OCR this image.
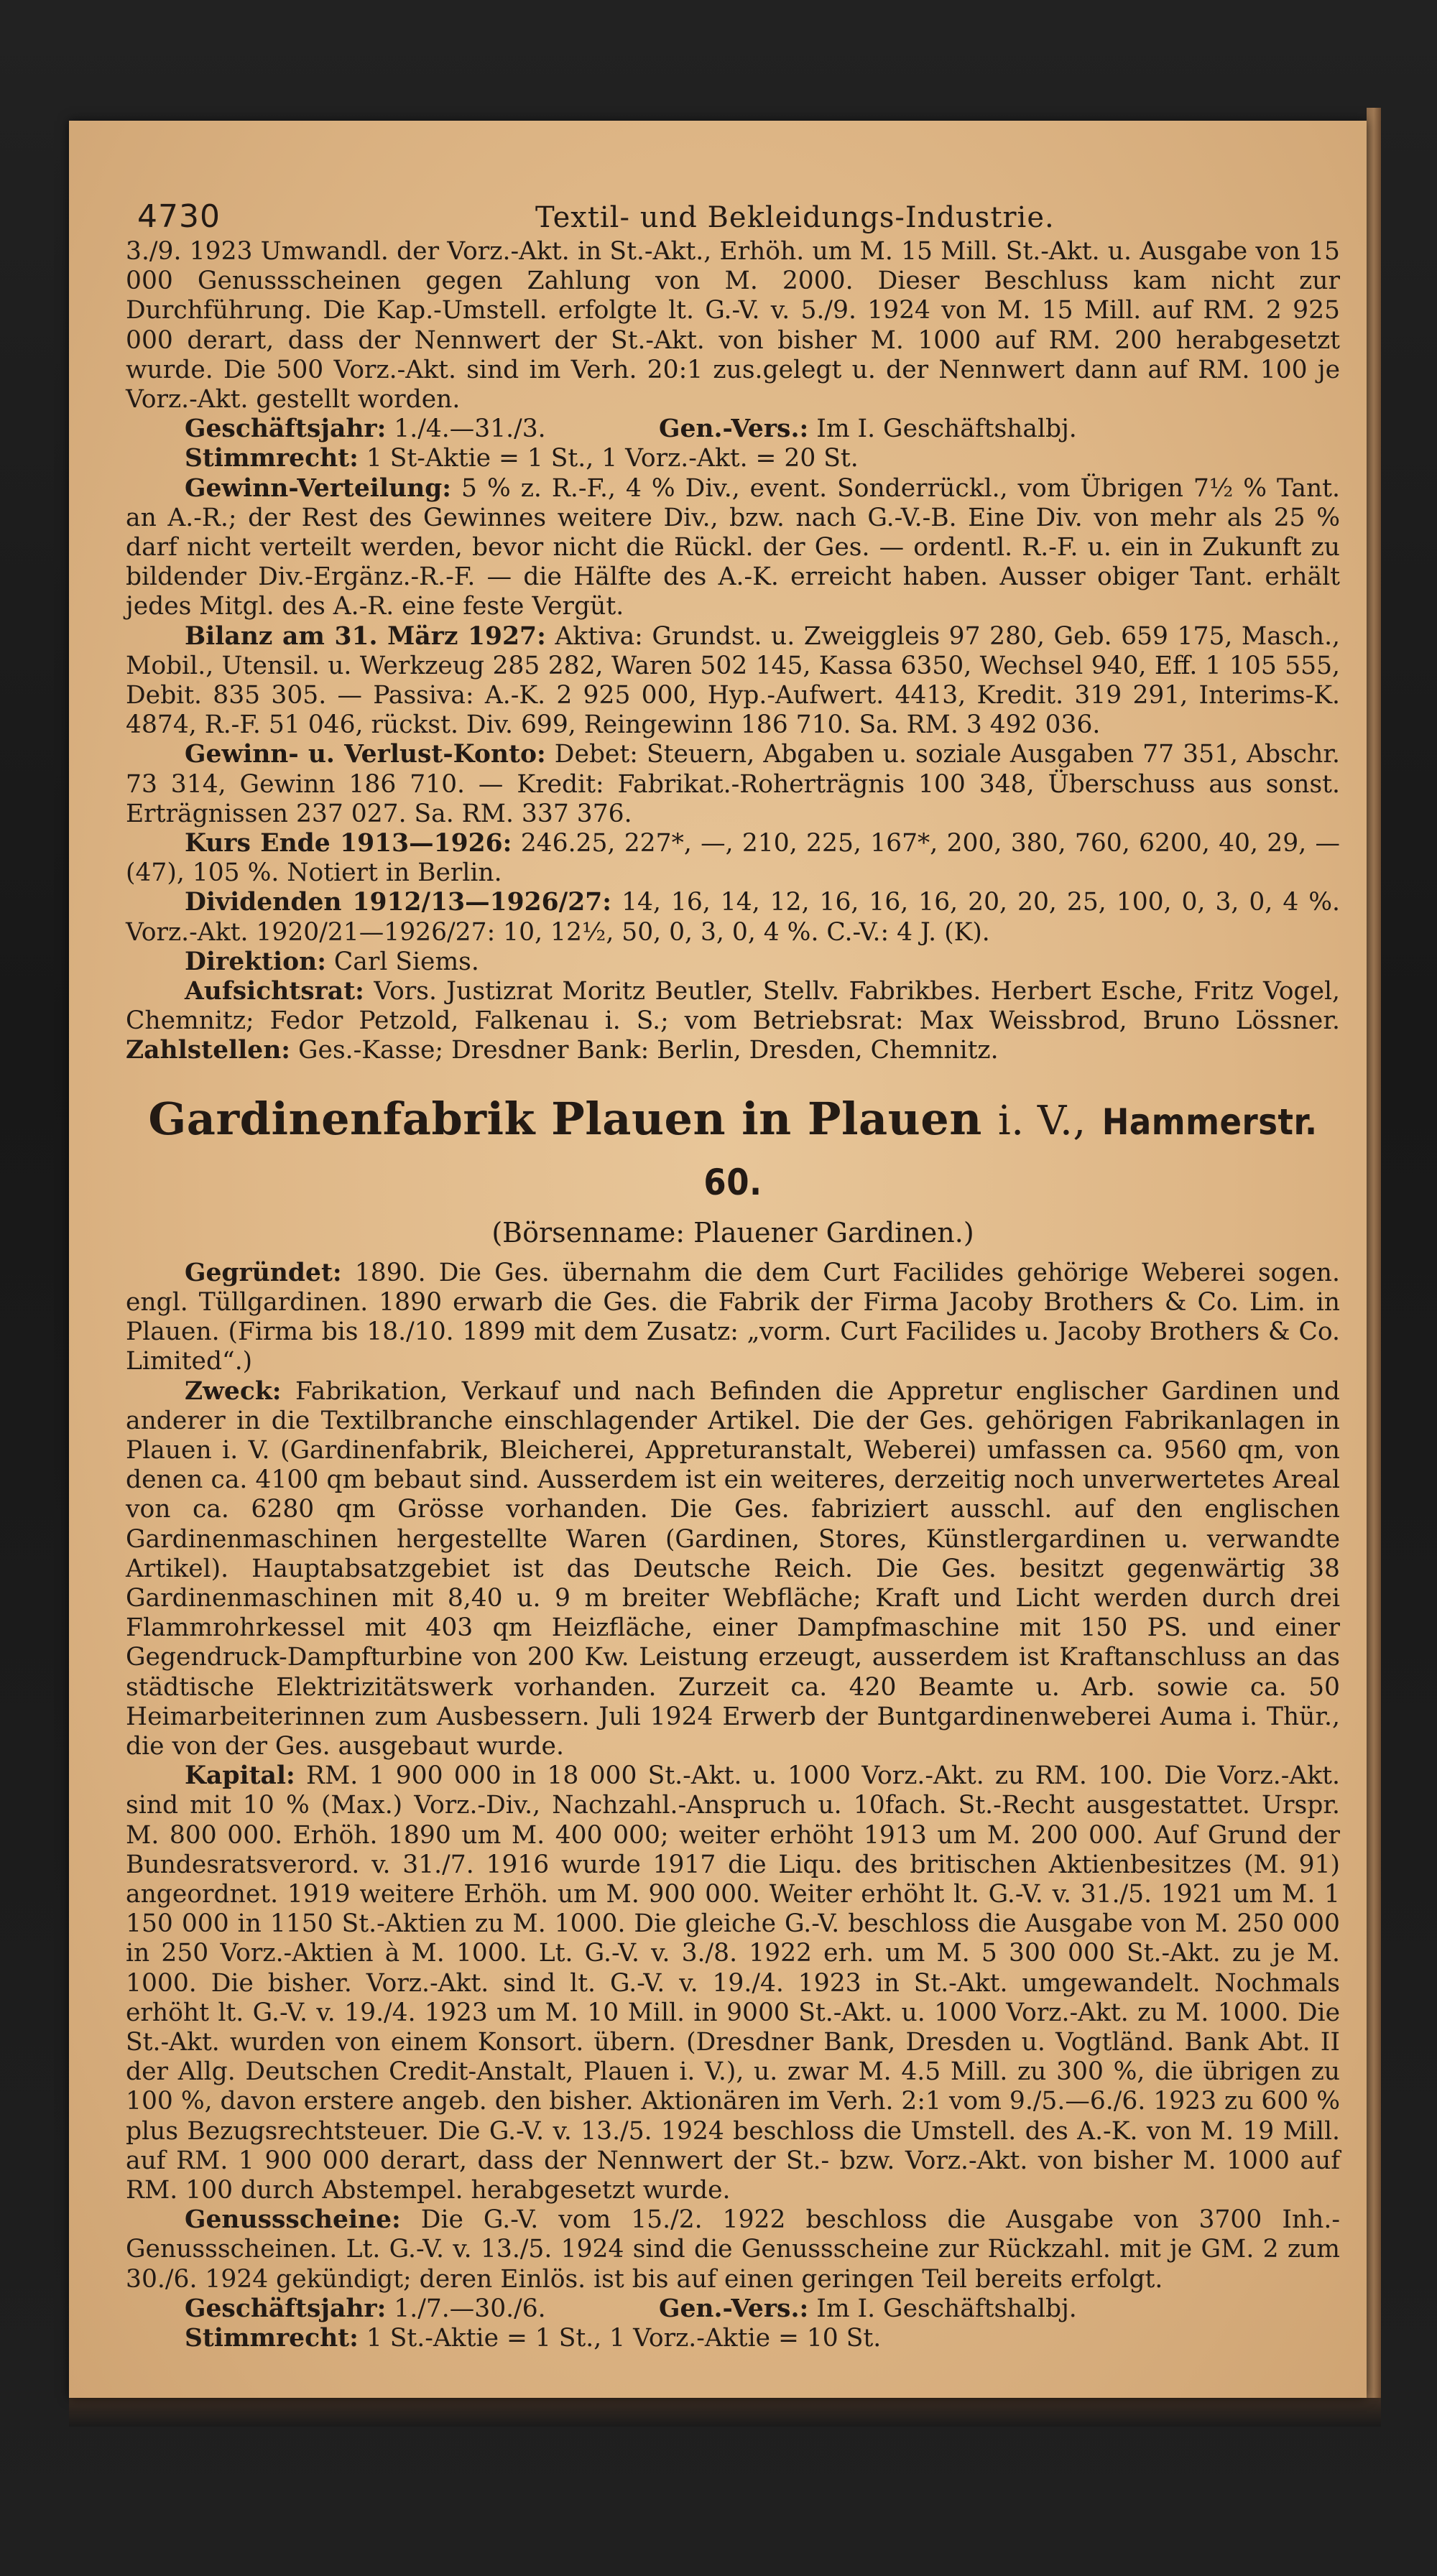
4730	Textil- und Bekleidungs-Industrie.

3./9. 1923 Umwandl. der Vorz.-Akt. in St.-Akt., Erhöh. um M. 15 Mill. St.-Akt. u. Ausgabe von 15 000 Genussscheinen gegen Zahlung von M. 2000. Dieser Beschluss kam nicht zur Durchführung. Die Kap.-Umstell. erfolgte lt. G.-V. v. 5./9. 1924 von M. 15 Mill. auf RM. 2 925 000 derart, dass der Nennwert der St.-Akt. von bisher M. 1000 auf RM. 200 herabgesetzt wurde. Die 500 Vorz.-Akt. sind im Verh. 20:1 zus.gelegt u. der Nennwert dann auf RM. 100 je Vorz.-Akt. gestellt worden.

Geschäftsjahr: 1./4.—31./3.	Gen.-Vers.: Im I. Geschäftshalbj.

Stimmrecht: 1 St-Aktie = 1 St., 1 Vorz.-Akt. = 20 St.

Gewinn-Verteilung: 5 % z. R.-F., 4 % Div., event. Sonderrückl., vom Übrigen 7½ % Tant. an A.-R.; der Rest des Gewinnes weitere Div., bzw. nach G.-V.-B. Eine Div. von mehr als 25 % darf nicht verteilt werden, bevor nicht die Rückl. der Ges. — ordentl. R.-F. u. ein in Zukunft zu bildender Div.-Ergänz.-R.-F. — die Hälfte des A.-K. erreicht haben. Ausser obiger Tant. erhält jedes Mitgl. des A.-R. eine feste Vergüt.

Bilanz am 31. März 1927: Aktiva: Grundst. u. Zweiggleis 97 280, Geb. 659 175, Masch., Mobil., Utensil. u. Werkzeug 285 282, Waren 502 145, Kassa 6350, Wechsel 940, Eff. 1 105 555, Debit. 835 305. — Passiva: A.-K. 2 925 000, Hyp.-Aufwert. 4413, Kredit. 319 291, Interims-K. 4874, R.-F. 51 046, rückst. Div. 699, Reingewinn 186 710. Sa. RM. 3 492 036.

Gewinn- u. Verlust-Konto: Debet: Steuern, Abgaben u. soziale Ausgaben 77 351, Abschr. 73 314, Gewinn 186 710. — Kredit: Fabrikat.-Roherträgnis 100 348, Überschuss aus sonst. Erträgnissen 237 027. Sa. RM. 337 376.

Kurs Ende 1913—1926: 246.25, 227*, —, 210, 225, 167*, 200, 380, 760, 6200, 40, 29, —(47), 105 %. Notiert in Berlin.

Dividenden 1912/13—1926/27: 14, 16, 14, 12, 16, 16, 16, 20, 20, 25, 100, 0, 3, 0, 4 %. Vorz.-Akt. 1920/21—1926/27: 10, 12½, 50, 0, 3, 0, 4 %. C.-V.: 4 J. (K).

Direktion: Carl Siems.

Aufsichtsrat: Vors. Justizrat Moritz Beutler, Stellv. Fabrikbes. Herbert Esche, Fritz Vogel, Chemnitz; Fedor Petzold, Falkenau i. S.; vom Betriebsrat: Max Weissbrod, Bruno Lössner. Zahlstellen: Ges.-Kasse; Dresdner Bank: Berlin, Dresden, Chemnitz.

Gardinenfabrik Plauen in Plauen i. V., Hammerstr. 60.
(Börsenname: Plauener Gardinen.)

Gegründet: 1890. Die Ges. übernahm die dem Curt Facilides gehörige Weberei sogen. engl. Tüllgardinen. 1890 erwarb die Ges. die Fabrik der Firma Jacoby Brothers & Co. Lim. in Plauen. (Firma bis 18./10. 1899 mit dem Zusatz: „vorm. Curt Facilides u. Jacoby Brothers & Co. Limited“.)

Zweck: Fabrikation, Verkauf und nach Befinden die Appretur englischer Gardinen und anderer in die Textilbranche einschlagender Artikel. Die der Ges. gehörigen Fabrikanlagen in Plauen i. V. (Gardinenfabrik, Bleicherei, Appreturanstalt, Weberei) umfassen ca. 9560 qm, von denen ca. 4100 qm bebaut sind. Ausserdem ist ein weiteres, derzeitig noch unverwertetes Areal von ca. 6280 qm Grösse vorhanden. Die Ges. fabriziert ausschl. auf den englischen Gardinenmaschinen hergestellte Waren (Gardinen, Stores, Künstlergardinen u. verwandte Artikel). Hauptabsatzgebiet ist das Deutsche Reich. Die Ges. besitzt gegenwärtig 38 Gardinenmaschinen mit 8,40 u. 9 m breiter Webfläche; Kraft und Licht werden durch drei Flammrohrkessel mit 403 qm Heizfläche, einer Dampfmaschine mit 150 PS. und einer Gegendruck-Dampfturbine von 200 Kw. Leistung erzeugt, ausserdem ist Kraftanschluss an das städtische Elektrizitätswerk vorhanden. Zurzeit ca. 420 Beamte u. Arb. sowie ca. 50 Heimarbeiterinnen zum Ausbessern. Juli 1924 Erwerb der Buntgardinenweberei Auma i. Thür., die von der Ges. ausgebaut wurde.

Kapital: RM. 1 900 000 in 18 000 St.-Akt. u. 1000 Vorz.-Akt. zu RM. 100. Die Vorz.-Akt. sind mit 10 % (Max.) Vorz.-Div., Nachzahl.-Anspruch u. 10fach. St.-Recht ausgestattet. Urspr. M. 800 000. Erhöh. 1890 um M. 400 000; weiter erhöht 1913 um M. 200 000. Auf Grund der Bundesratsverord. v. 31./7. 1916 wurde 1917 die Liqu. des britischen Aktienbesitzes (M. 91) angeordnet. 1919 weitere Erhöh. um M. 900 000. Weiter erhöht lt. G.-V. v. 31./5. 1921 um M. 1 150 000 in 1150 St.-Aktien zu M. 1000. Die gleiche G.-V. beschloss die Ausgabe von M. 250 000 in 250 Vorz.-Aktien à M. 1000. Lt. G.-V. v. 3./8. 1922 erh. um M. 5 300 000 St.-Akt. zu je M. 1000. Die bisher. Vorz.-Akt. sind lt. G.-V. v. 19./4. 1923 in St.-Akt. umgewandelt. Nochmals erhöht lt. G.-V. v. 19./4. 1923 um M. 10 Mill. in 9000 St.-Akt. u. 1000 Vorz.-Akt. zu M. 1000. Die St.-Akt. wurden von einem Konsort. übern. (Dresdner Bank, Dresden u. Vogtländ. Bank Abt. II der Allg. Deutschen Credit-Anstalt, Plauen i. V.), u. zwar M. 4.5 Mill. zu 300 %, die übrigen zu 100 %, davon erstere angeb. den bisher. Aktionären im Verh. 2:1 vom 9./5.—6./6. 1923 zu 600 % plus Bezugsrechtsteuer. Die G.-V. v. 13./5. 1924 beschloss die Umstell. des A.-K. von M. 19 Mill. auf RM. 1 900 000 derart, dass der Nennwert der St.- bzw. Vorz.-Akt. von bisher M. 1000 auf RM. 100 durch Abstempel. herabgesetzt wurde.

Genussscheine: Die G.-V. vom 15./2. 1922 beschloss die Ausgabe von 3700 Inh.-Genussscheinen. Lt. G.-V. v. 13./5. 1924 sind die Genussscheine zur Rückzahl. mit je GM. 2 zum 30./6. 1924 gekündigt; deren Einlös. ist bis auf einen geringen Teil bereits erfolgt.

Geschäftsjahr: 1./7.—30./6.	Gen.-Vers.: Im I. Geschäftshalbj.

Stimmrecht: 1 St.-Aktie = 1 St., 1 Vorz.-Aktie = 10 St.
